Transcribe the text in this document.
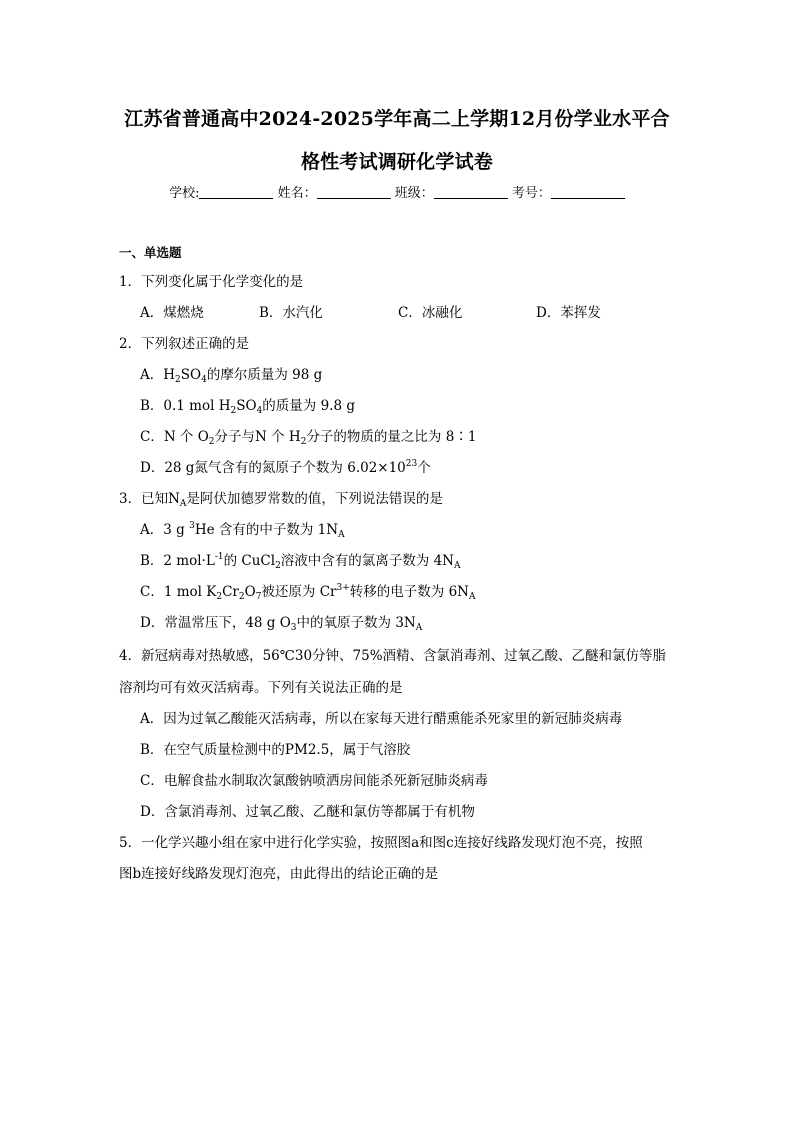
江苏省普通高中2024-2025学年高二上学期12月份学业水平合
格性考试调研化学试卷
学校:	姓名：	班级：	考号：
一、单选题
1．下列变化属于化学变化的是
A．煤燃烧	B．水汽化	C．冰融化	D．苯挥发
2．下列叙述正确的是
A．$H_2SO_4$的摩尔质量为 98 g
B．0.1 mol $H_2SO_4$的质量为 9.8 g
C．N 个 $O_2$分子与N 个 $H_2$分子的物质的量之比为 8∶1
D．28 g氮气含有的氮原子个数为 $6.02\times 10^{23}$个
3．已知$N_A$是阿伏加德罗常数的值，下列说法错误的是
A．3 g $^3$He 含有的中子数为 $1N_A$
B．2 $mol\cdot L^{-1}$的 CuCl$_2$溶液中含有的氯离子数为 $4N_A$
C．1 mol $K_2Cr_2O_7$被还原为 $Cr^{3+}$转移的电子数为 $6N_A$
D．常温常压下，48 g $O_3$中的氧原子数为 $3N_A$
4．新冠病毒对热敏感，56℃30分钟、75%酒精、含氯消毒剂、过氧乙酸、乙醚和氯仿等脂
溶剂均可有效灭活病毒。下列有关说法正确的是
A．因为过氧乙酸能灭活病毒，所以在家每天进行醋熏能杀死家里的新冠肺炎病毒
B．在空气质量检测中的PM2.5，属于气溶胶
C．电解食盐水制取次氯酸钠喷洒房间能杀死新冠肺炎病毒
D．含氯消毒剂、过氧乙酸、乙醚和氯仿等都属于有机物
5．一化学兴趣小组在家中进行化学实验，按照图a和图c连接好线路发现灯泡不亮，按照
图b连接好线路发现灯泡亮，由此得出的结论正确的是
